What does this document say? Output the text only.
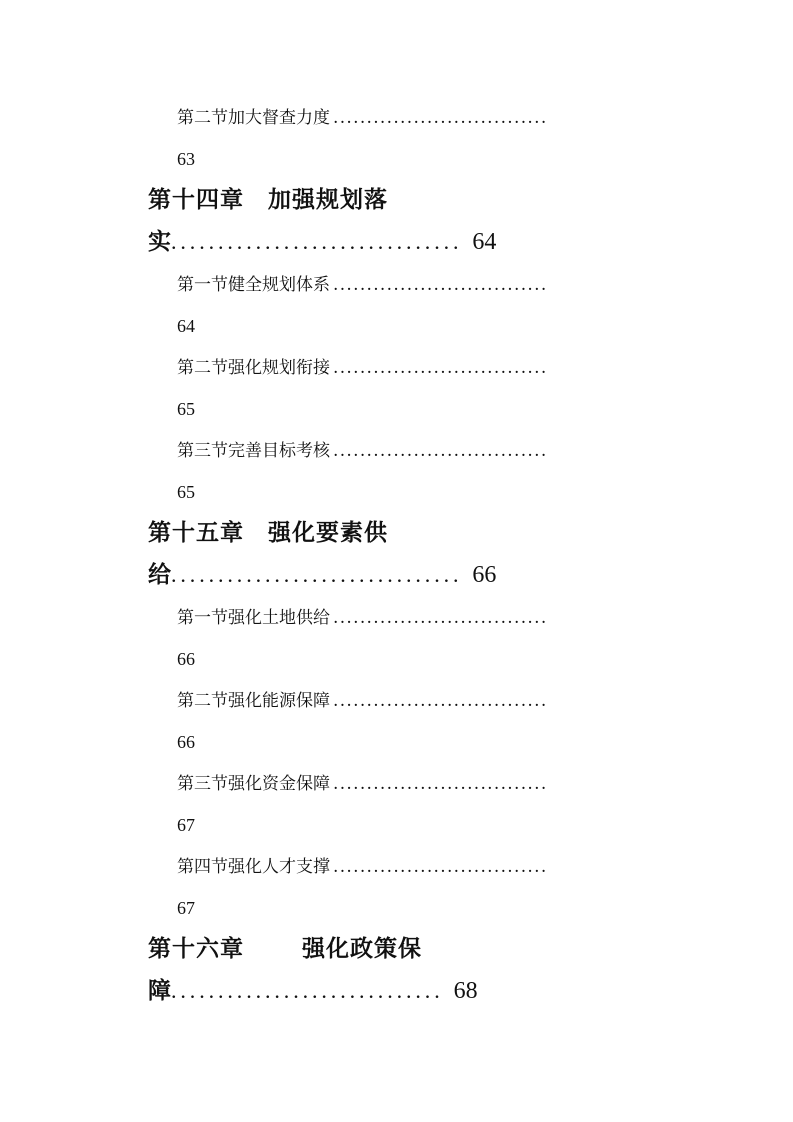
第二节加大督查力度 ................................
63
第十四章 加强规划落
实............................... 64
第一节健全规划体系 ................................
64
第二节强化规划衔接 ................................
65
第三节完善目标考核 ................................
65
第十五章 强化要素供
给............................... 66
第一节强化土地供给 ................................
66
第二节强化能源保障 ................................
66
第三节强化资金保障 ................................
67
第四节强化人才支撑 ................................
67
第十六章	强化政策保
障............................. 68
